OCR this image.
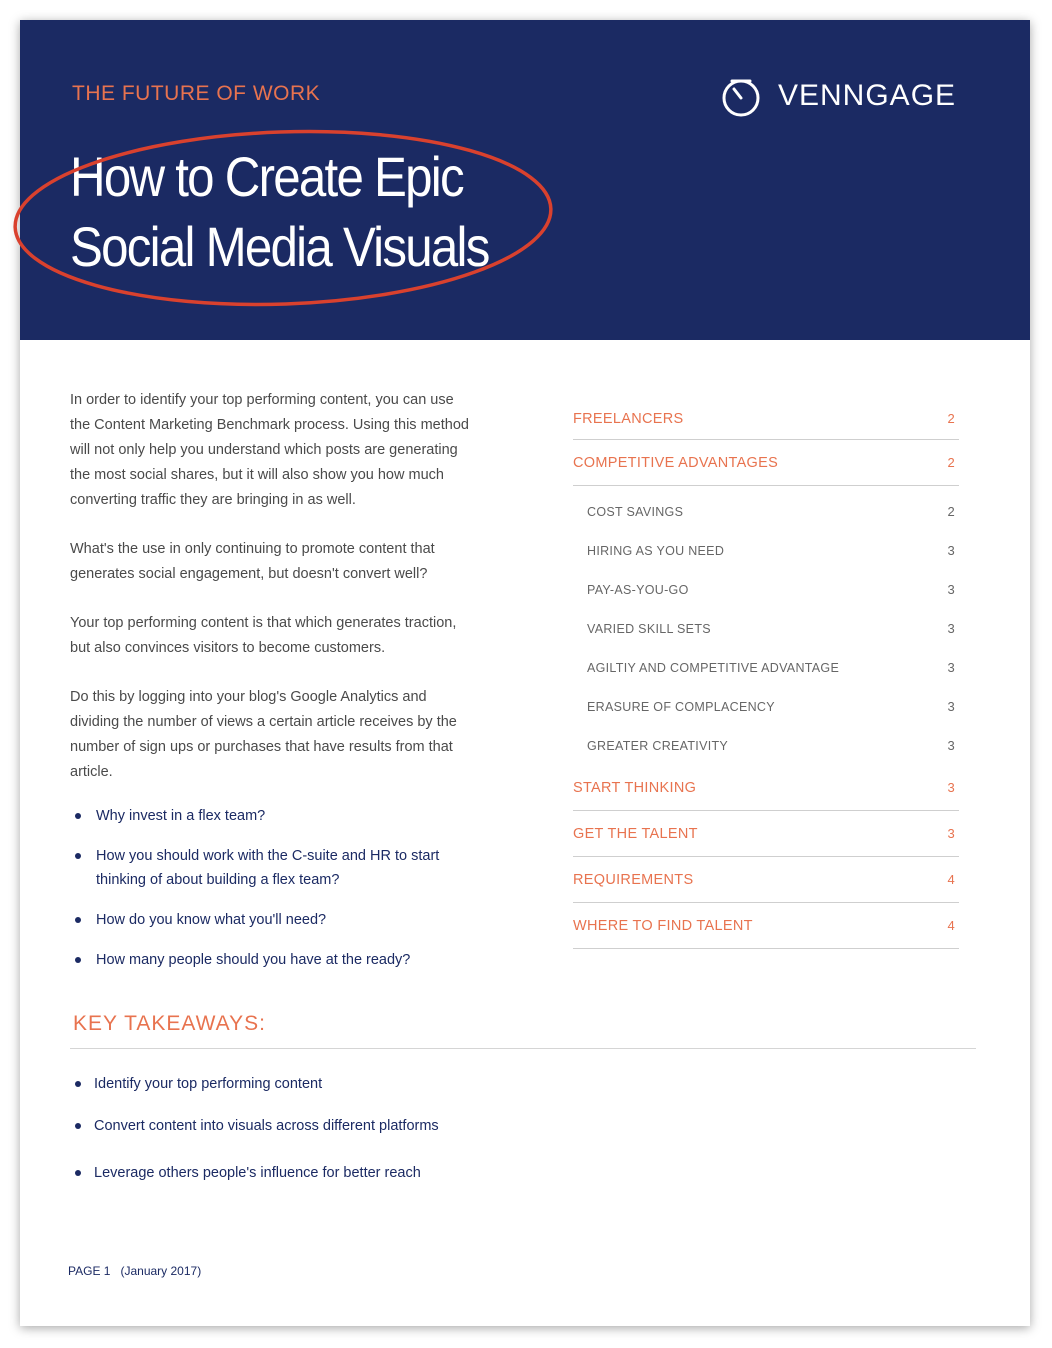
THE FUTURE OF WORK	VENNGAGE
How to Create Epic
Social Media Visuals

In order to identify your top performing content, you can use the Content Marketing Benchmark process. Using this method will not only help you understand which posts are generating the most social shares, but it will also show you how much converting traffic they are bringing in as well.

What's the use in only continuing to promote content that generates social engagement, but doesn't convert well?

Your top performing content is that which generates traction, but also convinces visitors to become customers.

Do this by logging into your blog's Google Analytics and dividing the number of views a certain article receives by the number of sign ups or purchases that have results from that article.

Why invest in a flex team?
How you should work with the C-suite and HR to start thinking of about building a flex team?
How do you know what you'll need?
How many people should you have at the ready?
FREELANCERS	2
COMPETITIVE ADVANTAGES	2
COST SAVINGS	2
HIRING AS YOU NEED	3
PAY-AS-YOU-GO	3
VARIED SKILL SETS	3
AGILTIY AND COMPETITIVE ADVANTAGE	3
ERASURE OF COMPLACENCY	3
GREATER CREATIVITY	3
START THINKING	3
GET THE TALENT	3
REQUIREMENTS	4
WHERE TO FIND TALENT	4
KEY TAKEAWAYS:
Identify your top performing content
Convert content into visuals across different platforms
Leverage others people's influence for better reach
PAGE 1 (January 2017)
